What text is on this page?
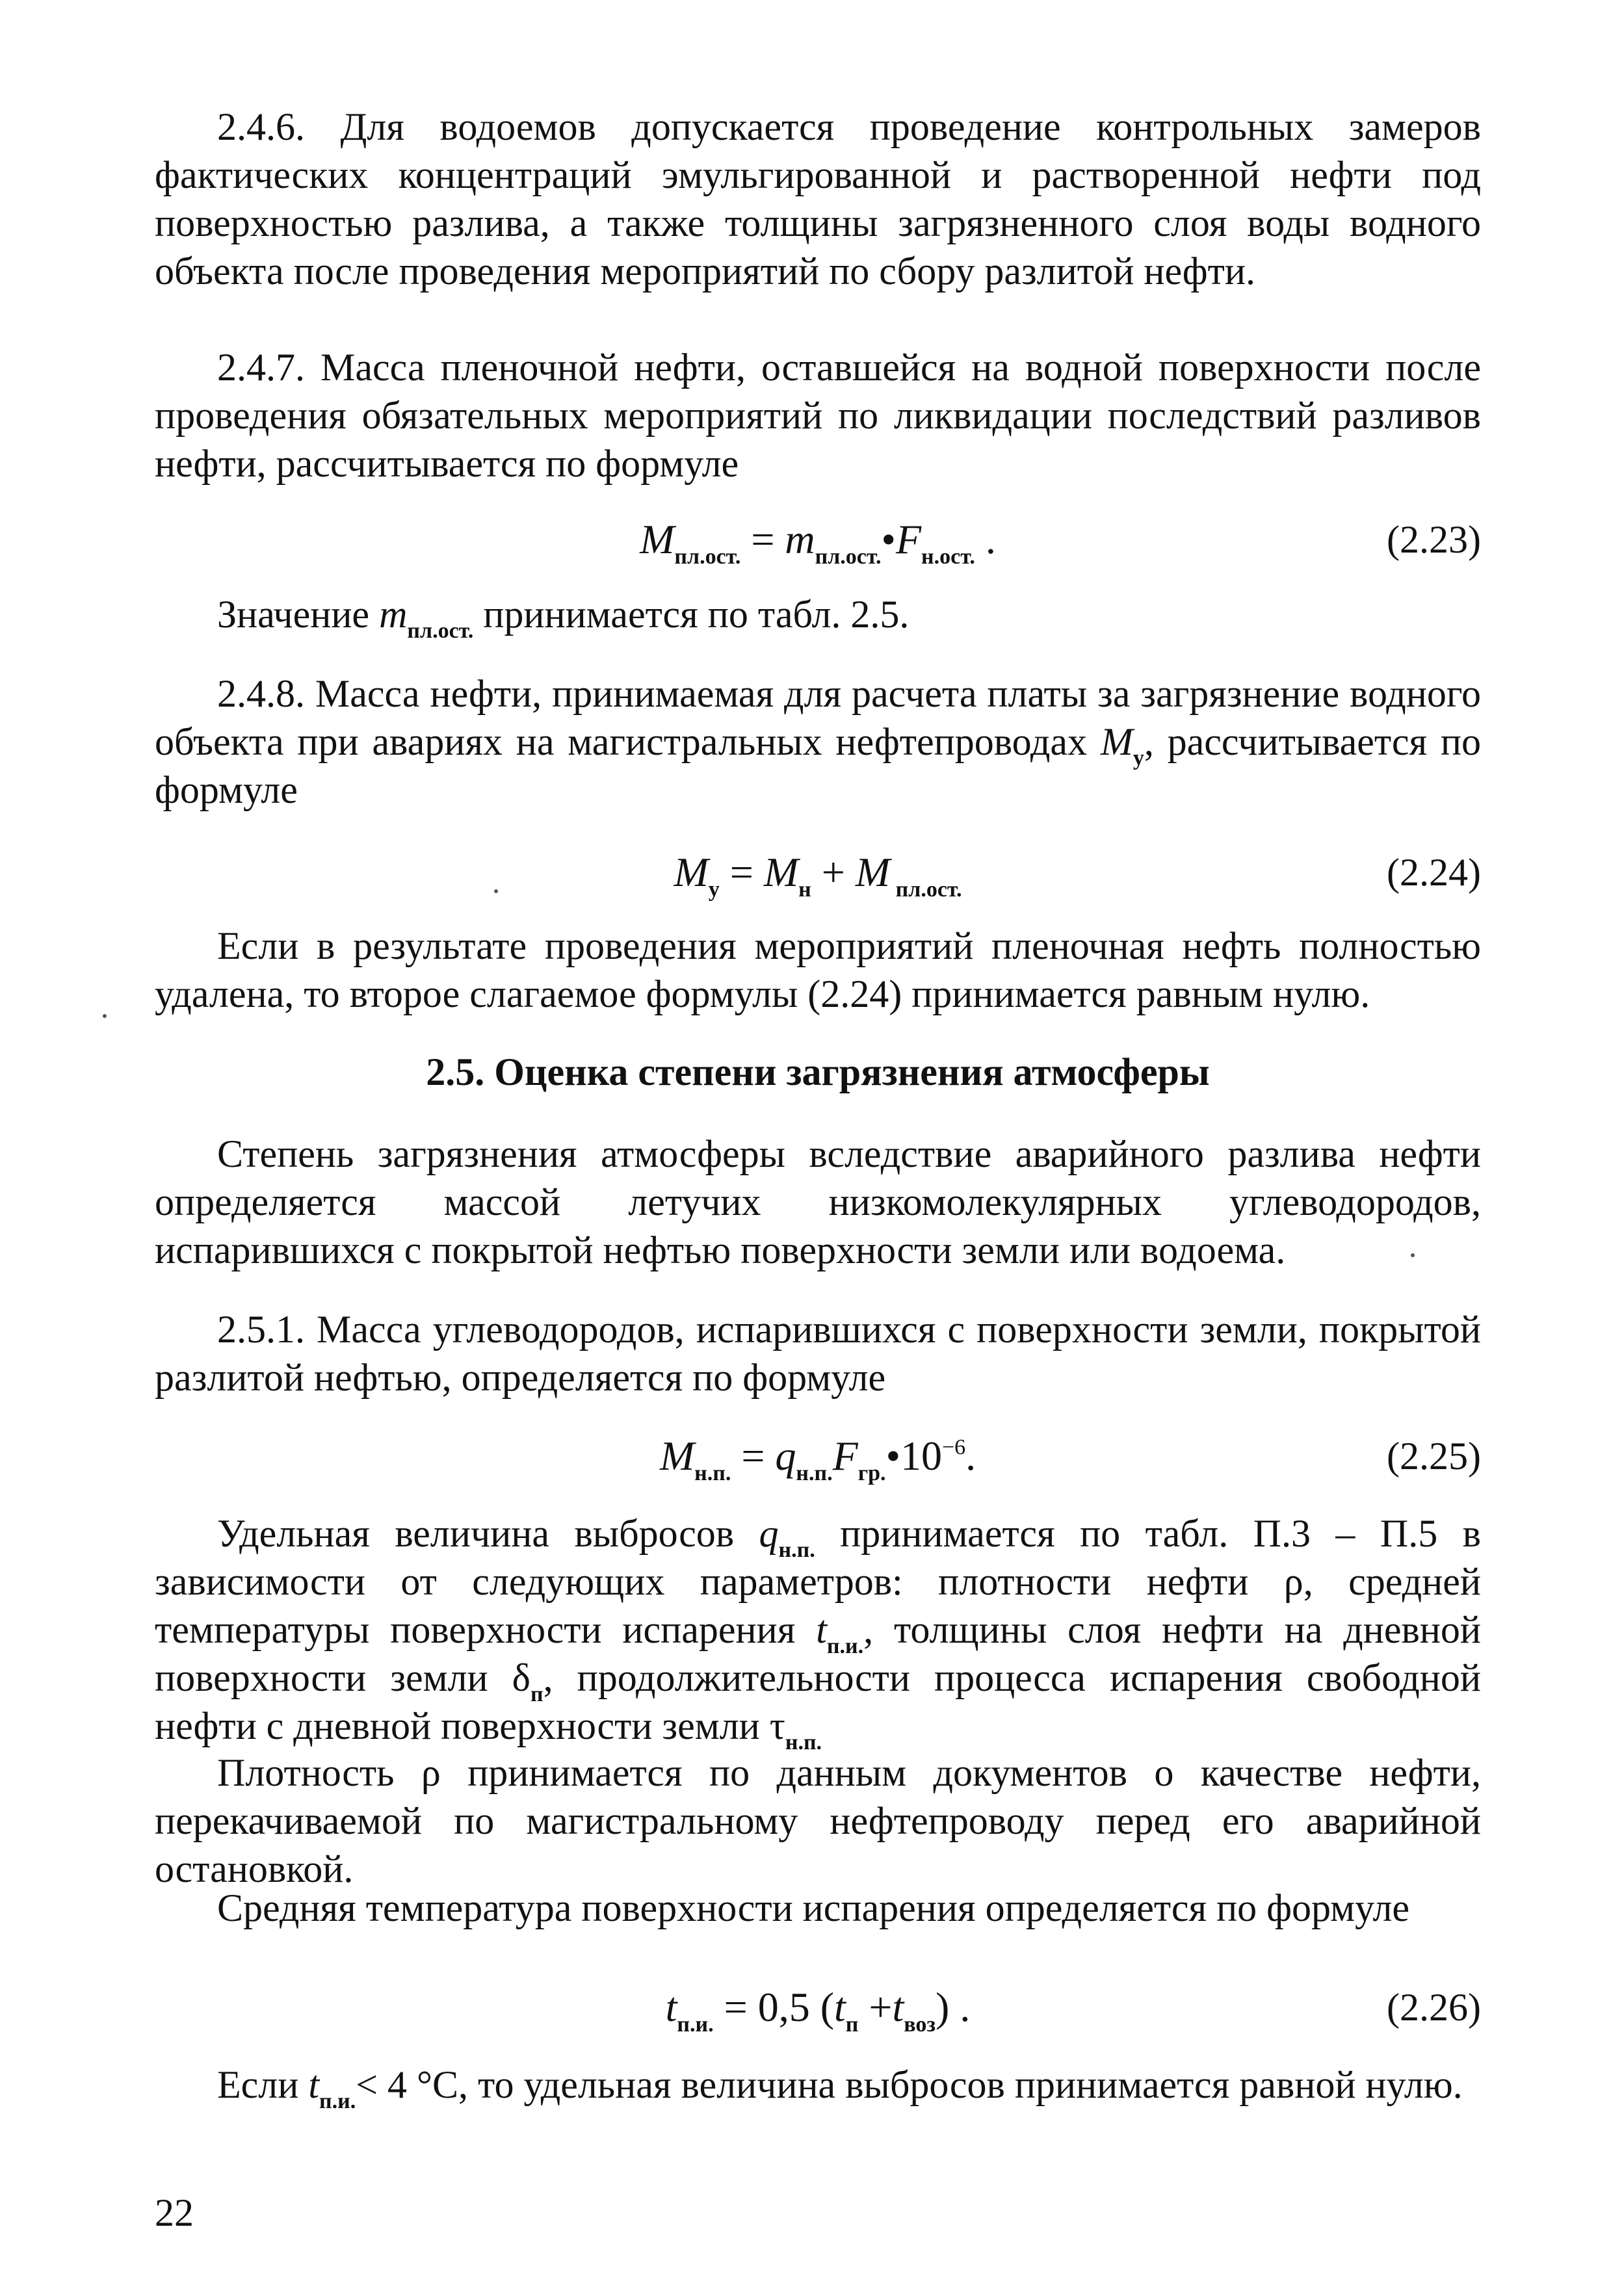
2.4.6. Для водоемов допускается проведение контрольных замеров фактических концентраций эмульгированной и растворенной нефти под поверхностью разлива, а также толщины загрязненного слоя воды водного объекта после проведения мероприятий по сбору разлитой нефти.

2.4.7. Масса пленочной нефти, оставшейся на водной поверхности после проведения обязательных мероприятий по ликвидации последствий разливов нефти, рассчитывается по формуле

$M_{пл.ост.}$ = $m_{пл.ост.}•F_{н.ост.}$ .	(2.23)

Значение $m_{пл.ост.}$ принимается по табл. 2.5.

2.4.8. Масса нефти, принимаемая для расчета платы за загрязнение водного объекта при авариях на магистральных нефтепроводах $M_y$, рассчитывается по формуле

$M_у = M_н + M$ $_{пл.ост.}$	(2.24)

Если в результате проведения мероприятий пленочная нефть полностью удалена, то второе слагаемое формулы (2.24) принимается равным нулю.

2.5. Оценка степени загрязнения атмосферы

Степень загрязнения атмосферы вследствие аварийного разлива нефти определяется массой летучих низкомолекулярных углеводородов, испарившихся с покрытой нефтью поверхности земли или водоема.

2.5.1. Масса углеводородов, испарившихся с поверхности земли, покрытой разлитой нефтью, определяется по формуле

$M_{н.п.}$ = $q_{н.п.}F_{гр.}•10^{-6}$.	(2.25)

Удельная величина выбросов $q_{н.п.}$ принимается по табл. П.3 – П.5 в зависимости от следующих параметров: плотности нефти ρ, средней температуры поверхности испарения $t_{п.и.}$, толщины слоя нефти на дневной поверхности земли $\delta_п$, продолжительности процесса испарения свободной нефти с дневной поверхности земли $\tau_{н.п.}$

Плотность ρ принимается по данным документов о качестве нефти, перекачиваемой по магистральному нефтепроводу перед его аварийной остановкой.

Средняя температура поверхности испарения определяется по формуле

$t_{п.и.} = 0,5$ $(t_п +t_{воз})$ .	(2.26)

Если $t_{п.и.}< 4$ °С, то удельная величина выбросов принимается равной нулю.

22
